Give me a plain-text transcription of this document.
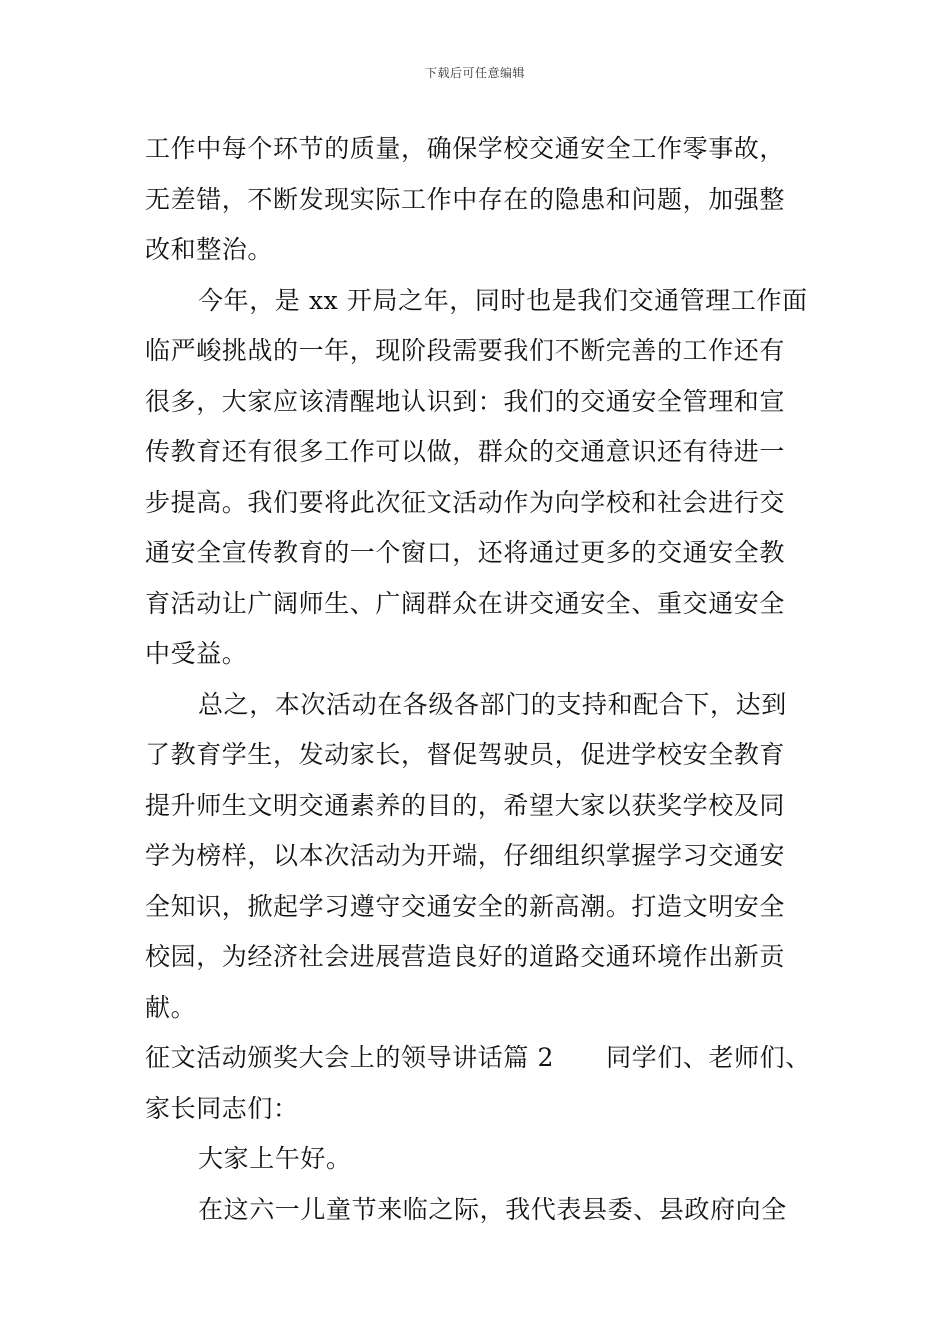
下载后可任意编辑
工作中每个环节的质量，确保学校交通安全工作零事故，
无差错，不断发现实际工作中存在的隐患和问题，加强整
改和整治。
今年，是 xx 开局之年，同时也是我们交通管理工作面
临严峻挑战的一年，现阶段需要我们不断完善的工作还有
很多，大家应该清醒地认识到：我们的交通安全管理和宣
传教育还有很多工作可以做，群众的交通意识还有待进一
步提高。我们要将此次征文活动作为向学校和社会进行交
通安全宣传教育的一个窗口，还将通过更多的交通安全教
育活动让广阔师生、广阔群众在讲交通安全、重交通安全
中受益。
总之，本次活动在各级各部门的支持和配合下，达到
了教育学生，发动家长，督促驾驶员，促进学校安全教育
提升师生文明交通素养的目的，希望大家以获奖学校及同
学为榜样，以本次活动为开端，仔细组织掌握学习交通安
全知识，掀起学习遵守交通安全的新高潮。打造文明安全
校园，为经济社会进展营造良好的道路交通环境作出新贡
献。
征文活动颁奖大会上的领导讲话篇 2 同学们、老师们、
家长同志们：
大家上午好。
在这六一儿童节来临之际，我代表县委、县政府向全
